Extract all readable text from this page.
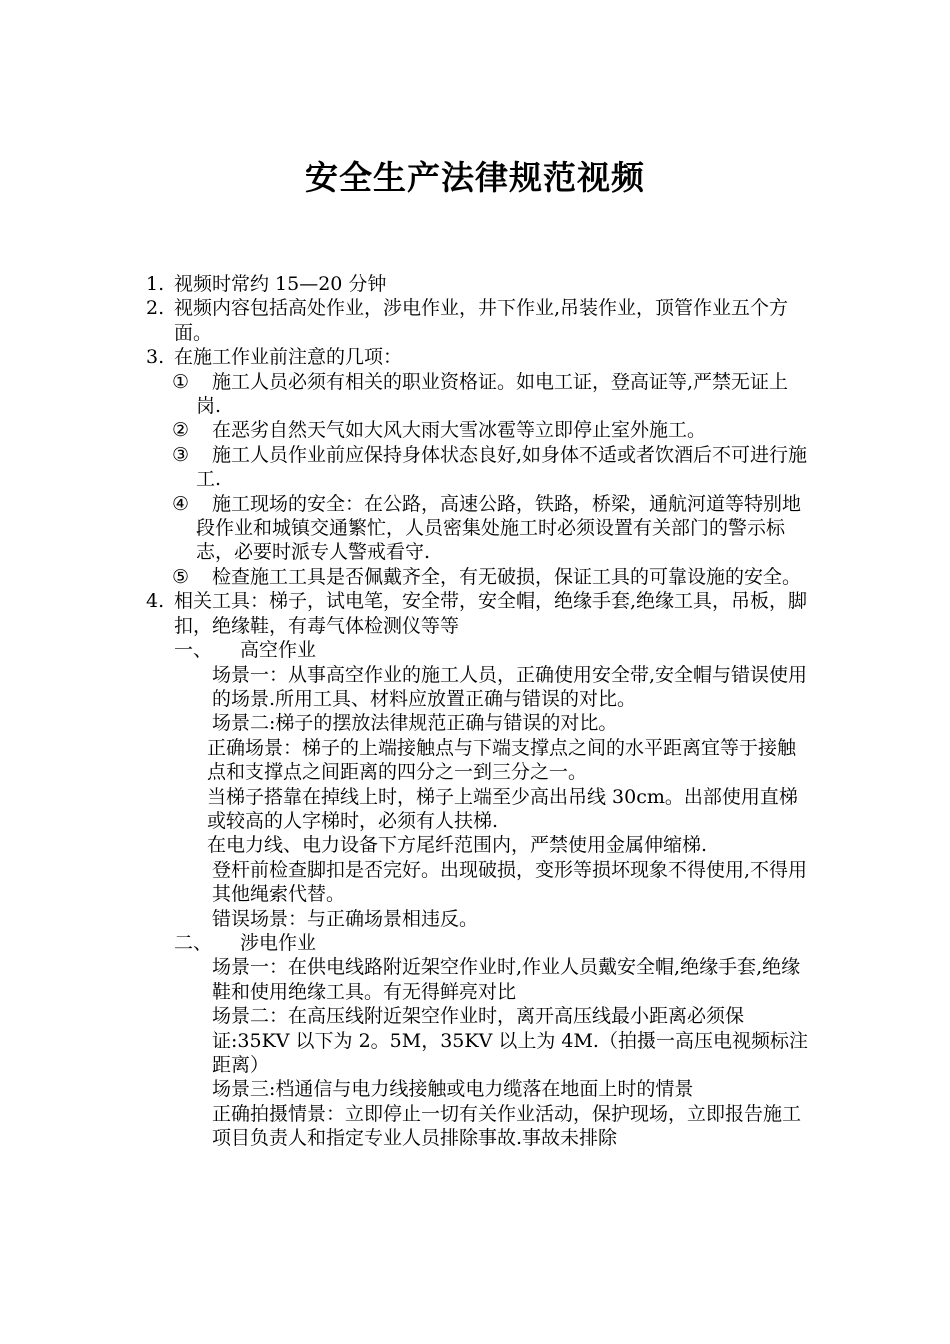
安全生产法律规范视频
1. 视频时常约 15—20 分钟
2. 视频内容包括高处作业，涉电作业，井下作业,吊装作业，顶管作业五个方面。
3. 在施工作业前注意的几项：
①	施工人员必须有相关的职业资格证。如电工证，登高证等,严禁无证上岗.
②	在恶劣自然天气如大风大雨大雪冰雹等立即停止室外施工。
③	施工人员作业前应保持身体状态良好,如身体不适或者饮酒后不可进行施工.
④	施工现场的安全：在公路，高速公路，铁路，桥梁，通航河道等特别地段作业和城镇交通繁忙，人员密集处施工时必须设置有关部门的警示标志，必要时派专人警戒看守.
⑤	检查施工工具是否佩戴齐全，有无破损，保证工具的可靠设施的安全。
4. 相关工具：梯子，试电笔，安全带，安全帽，绝缘手套,绝缘工具，吊板，脚扣，绝缘鞋，有毒气体检测仪等等
一、 高空作业
场景一：从事高空作业的施工人员，正确使用安全带,安全帽与错误使用的场景.所用工具、材料应放置正确与错误的对比。
场景二:梯子的摆放法律规范正确与错误的对比。
正确场景：梯子的上端接触点与下端支撑点之间的水平距离宜等于接触点和支撑点之间距离的四分之一到三分之一。
当梯子搭靠在掉线上时，梯子上端至少高出吊线 30cm。出部使用直梯或较高的人字梯时，必须有人扶梯.
在电力线、电力设备下方尾纤范围内，严禁使用金属伸缩梯.
登杆前检查脚扣是否完好。出现破损，变形等损坏现象不得使用,不得用其他绳索代替。
错误场景：与正确场景相违反。
二、 涉电作业
场景一：在供电线路附近架空作业时,作业人员戴安全帽,绝缘手套,绝缘鞋和使用绝缘工具。有无得鲜亮对比
场景二：在高压线附近架空作业时，离开高压线最小距离必须保证:35KV 以下为 2。5M，35KV 以上为 4M.（拍摄一高压电视频标注距离）
场景三:档通信与电力线接触或电力缆落在地面上时的情景
正确拍摄情景：立即停止一切有关作业活动，保护现场，立即报告施工项目负责人和指定专业人员排除事故.事故未排除
